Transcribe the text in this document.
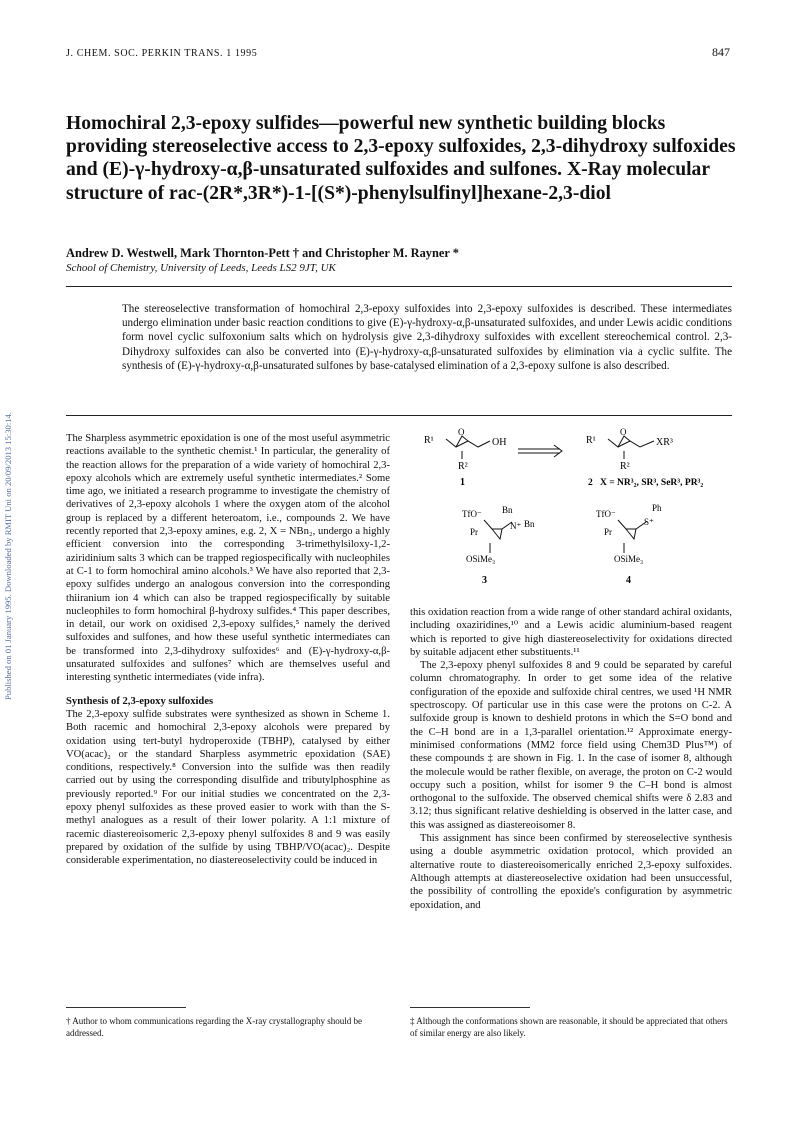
J. CHEM. SOC. PERKIN TRANS. 1 1995	847
Homochiral 2,3-epoxy sulfides—powerful new synthetic building blocks providing stereoselective access to 2,3-epoxy sulfoxides, 2,3-dihydroxy sulfoxides and (E)-γ-hydroxy-α,β-unsaturated sulfoxides and sulfones. X-Ray molecular structure of rac-(2R*,3R*)-1-[(S*)-phenylsulfinyl]hexane-2,3-diol
Andrew D. Westwell, Mark Thornton-Pett † and Christopher M. Rayner *
School of Chemistry, University of Leeds, Leeds LS2 9JT, UK

The stereoselective transformation of homochiral 2,3-epoxy sulfoxides into 2,3-epoxy sulfoxides is described. These intermediates undergo elimination under basic reaction conditions to give (E)-γ-hydroxy-α,β-unsaturated sulfoxides, and under Lewis acidic conditions form novel cyclic sulfoxonium salts which on hydrolysis give 2,3-dihydroxy sulfoxides with excellent stereochemical control. 2,3-Dihydroxy sulfoxides can also be converted into (E)-γ-hydroxy-α,β-unsaturated sulfoxides by elimination via a cyclic sulfite. The synthesis of (E)-γ-hydroxy-α,β-unsaturated sulfones by base-catalysed elimination of a 2,3-epoxy sulfone is also described.

Published on 01 January 1995. Downloaded by RMIT Uni on 20/09/2013 15:30:14.	The Sharpless asymmetric epoxidation is one of the most useful asymmetric reactions available to the synthetic chemist.¹ In particular, the generality of the reaction allows for the preparation of a wide variety of homochiral 2,3-epoxy alcohols which are extremely useful synthetic intermediates.² Some time ago, we initiated a research programme to investigate the chemistry of derivatives of 2,3-epoxy alcohols 1 where the oxygen atom of the alcohol group is replaced by a different heteroatom, i.e., compounds 2. We have recently reported that 2,3-epoxy amines, e.g. 2, X = NBn₂, undergo a highly efficient conversion into the corresponding 3-trimethylsiloxy-1,2-aziridinium salts 3 which can be trapped regiospecifically with nucleophiles at C-1 to form homochiral amino alcohols.³ We have also reported that 2,3-epoxy sulfides undergo an analogous conversion into the corresponding thiiranium ion 4 which can also be trapped regiospecifically by suitable nucleophiles to form homochiral β-hydroxy sulfides.⁴ This paper describes, in detail, our work on oxidised 2,3-epoxy sulfides,⁵ namely the derived sulfoxides and sulfones, and how these useful synthetic intermediates can be transformed into 2,3-dihydroxy sulfoxides⁶ and (E)-γ-hydroxy-α,β-unsaturated sulfoxides and sulfones⁷ which are themselves useful and interesting synthetic intermediates (vide infra).

Synthesis of 2,3-epoxy sulfoxides

The 2,3-epoxy sulfide substrates were synthesized as shown in Scheme 1. Both racemic and homochiral 2,3-epoxy alcohols were prepared by oxidation using tert-butyl hydroperoxide (TBHP), catalysed by either VO(acac)₂ or the standard Sharpless asymmetric epoxidation (SAE) conditions, respectively.⁸ Conversion into the sulfide was then readily carried out by using the corresponding disulfide and tributylphosphine as previously reported.⁹ For our initial studies we concentrated on the 2,3-epoxy phenyl sulfoxides as these proved easier to work with than the S-methyl analogues as a result of their lower polarity. A 1:1 mixture of racemic diastereoisomeric 2,3-epoxy phenyl sulfoxides 8 and 9 was easily prepared by oxidation of the sulfide by using TBHP/VO(acac)₂. Despite considerable experimentation, no diastereoselectivity could be induced in

R¹
O
OH
R²
1
R¹
O
XR³
R²
2 X = NR³₂, SR³, SeR³, PR³₂
TfO⁻ Bn
N⁺ Bn
Pr
OSiMe₃
3
TfO⁻
Ph
S⁺
Pr
OSiMe₃
4

this oxidation reaction from a wide range of other standard achiral oxidants, including oxaziridines,¹⁰ and a Lewis acidic aluminium-based reagent which is reported to give high diastereoselectivity for oxidations directed by suitable adjacent ether substituents.¹¹

The 2,3-epoxy phenyl sulfoxides 8 and 9 could be separated by careful column chromatography. In order to get some idea of the relative configuration of the epoxide and sulfoxide chiral centres, we used ¹H NMR spectroscopy. Of particular use in this case were the protons on C-2. A sulfoxide group is known to deshield protons in which the S=O bond and the C–H bond are in a 1,3-parallel orientation.¹² Approximate energy-minimised conformations (MM2 force field using Chem3D Plus™) of these compounds ‡ are shown in Fig. 1. In the case of isomer 8, although the molecule would be rather flexible, on average, the proton on C-2 would occupy such a position, whilst for isomer 9 the C–H bond is almost orthogonal to the sulfoxide. The observed chemical shifts were δ 2.83 and 3.12; thus significant relative deshielding is observed in the latter case, and this was assigned as diastereoisomer 8.

This assignment has since been confirmed by stereoselective synthesis using a double asymmetric oxidation protocol, which provided an alternative route to diastereoisomerically enriched 2,3-epoxy sulfoxides. Although attempts at diastereoselective oxidation had been unsuccessful, the possibility of controlling the epoxide's configuration by asymmetric epoxidation, and

† Author to whom communications regarding the X-ray crystallography should be addressed.
‡ Although the conformations shown are reasonable, it should be appreciated that others of similar energy are also likely.
